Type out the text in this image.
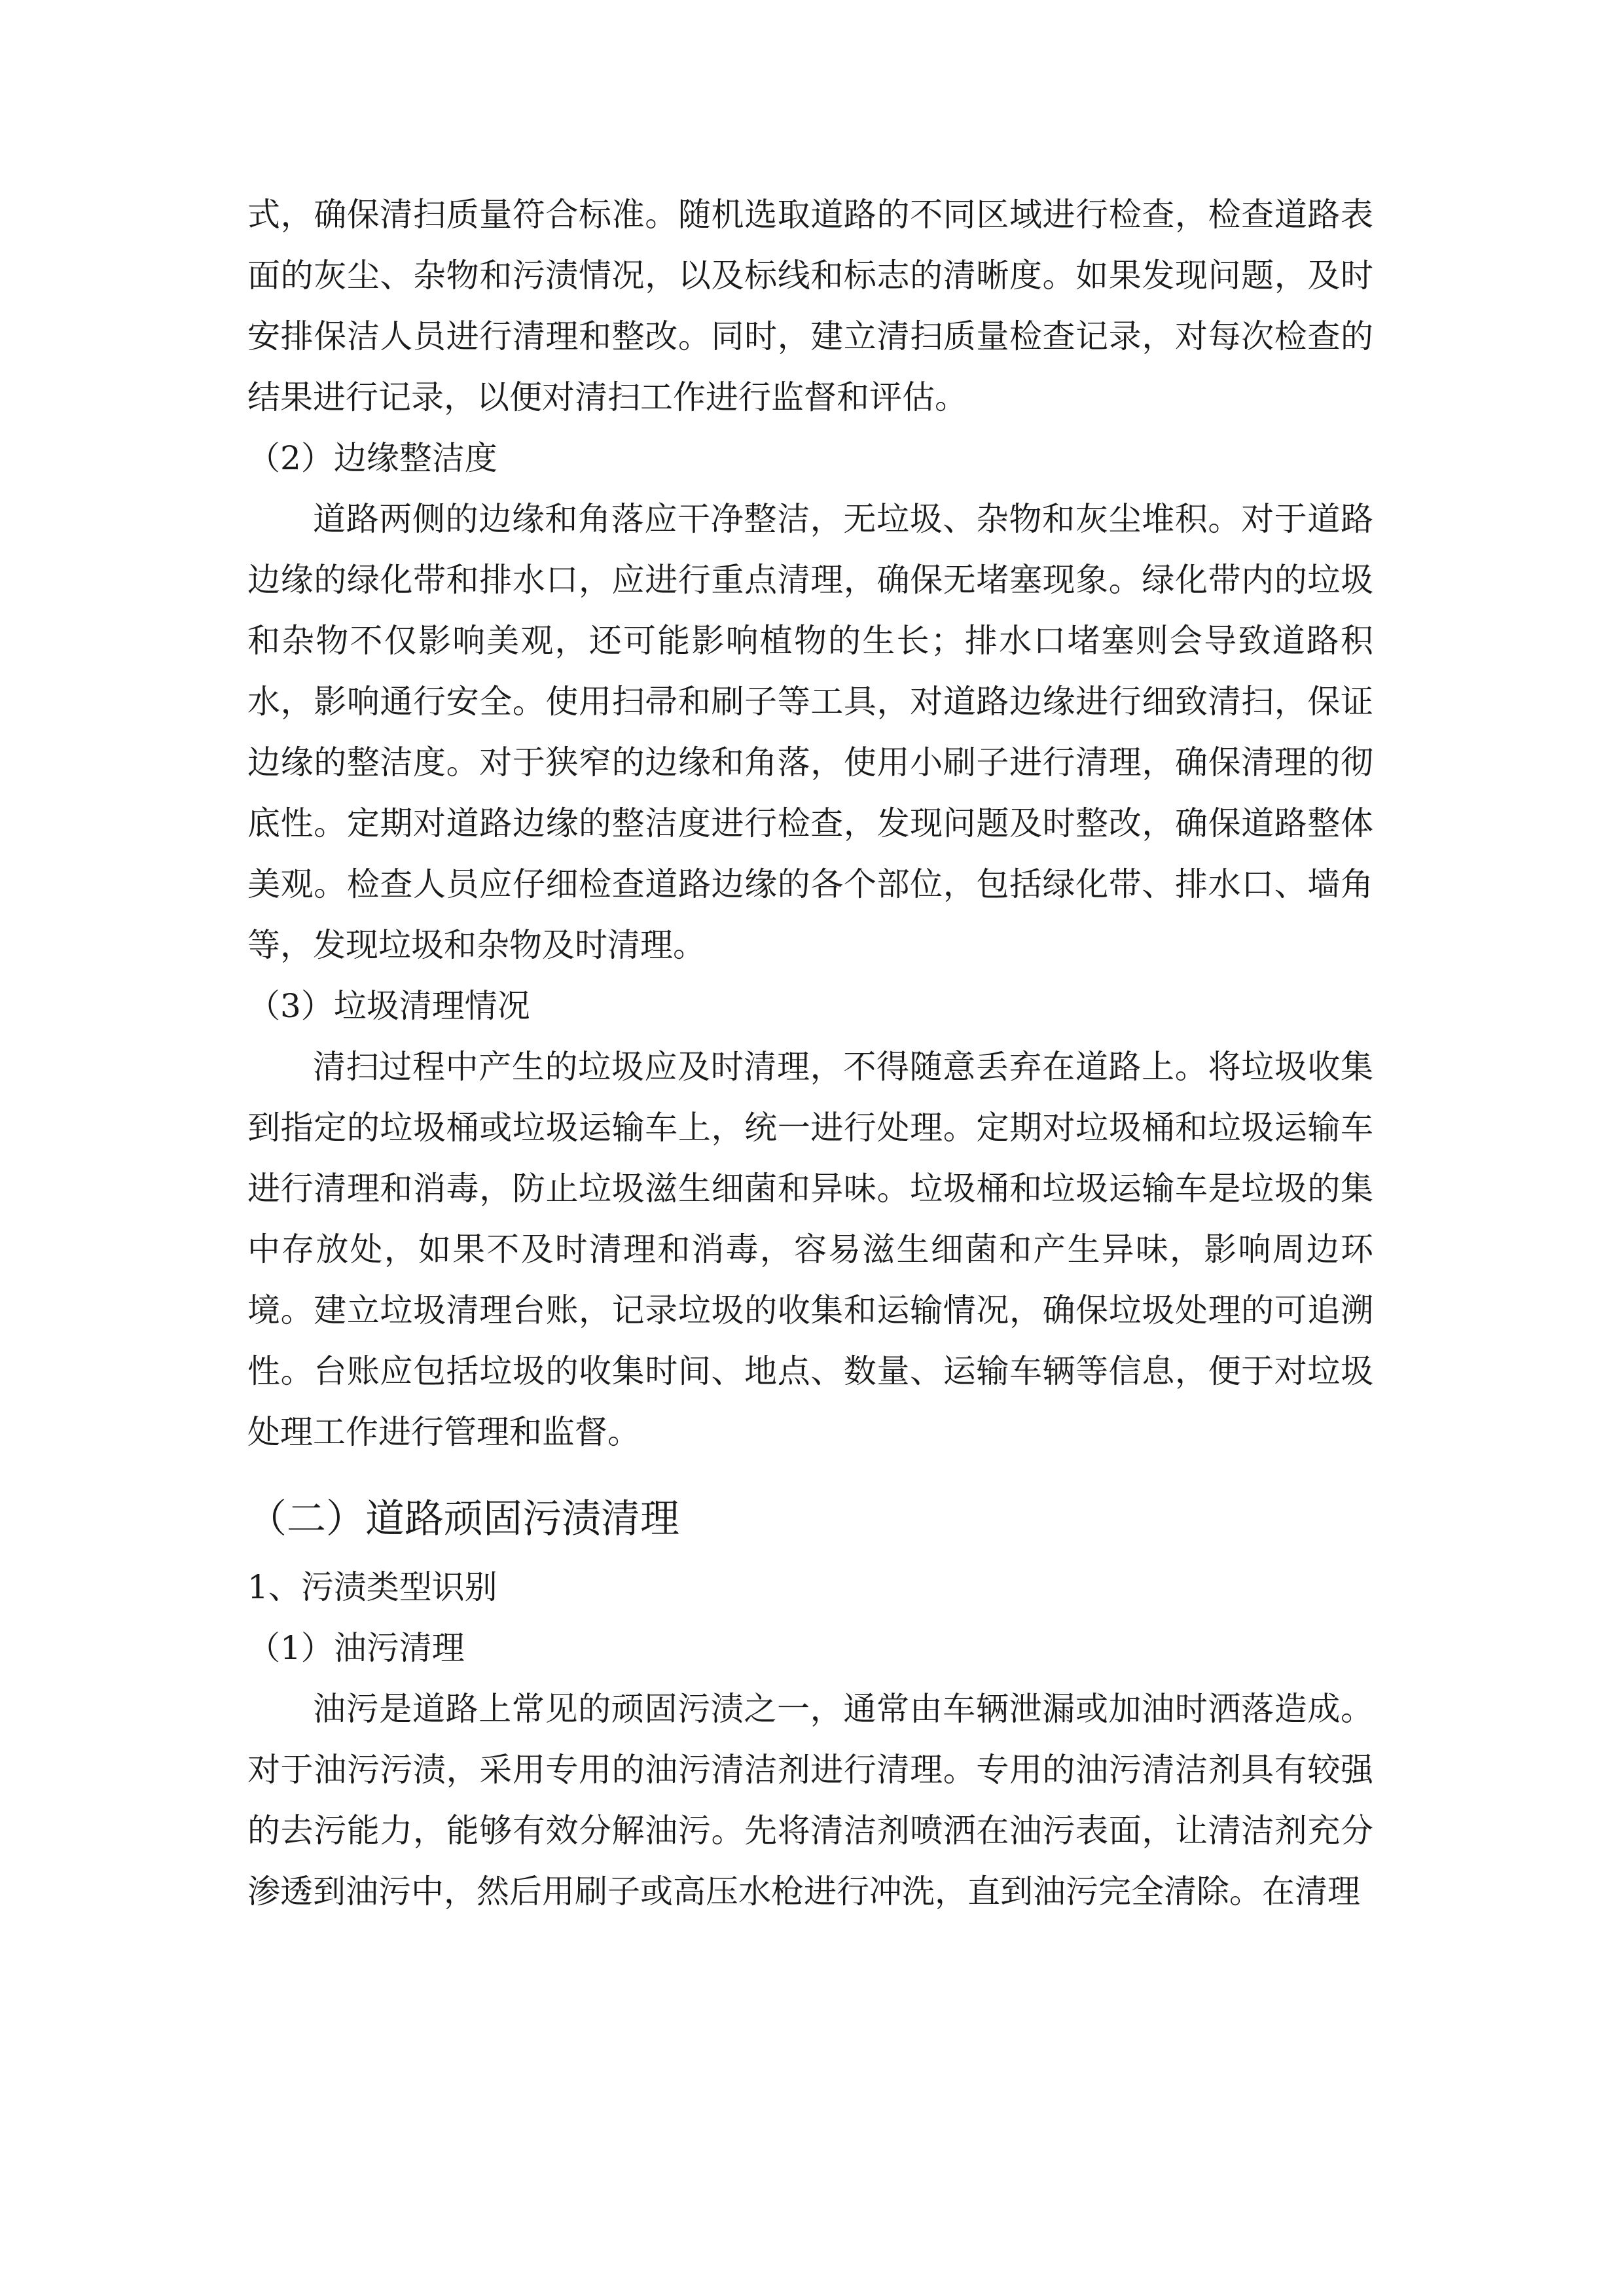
式，确保清扫质量符合标准。随机选取道路的不同区域进行检查，检查道路表面的灰尘、杂物和污渍情况，以及标线和标志的清晰度。如果发现问题，及时安排保洁人员进行清理和整改。同时，建立清扫质量检查记录，对每次检查的结果进行记录，以便对清扫工作进行监督和评估。

（2）边缘整洁度

道路两侧的边缘和角落应干净整洁，无垃圾、杂物和灰尘堆积。对于道路边缘的绿化带和排水口，应进行重点清理，确保无堵塞现象。绿化带内的垃圾和杂物不仅影响美观，还可能影响植物的生长；排水口堵塞则会导致道路积水，影响通行安全。使用扫帚和刷子等工具，对道路边缘进行细致清扫，保证边缘的整洁度。对于狭窄的边缘和角落，使用小刷子进行清理，确保清理的彻底性。定期对道路边缘的整洁度进行检查，发现问题及时整改，确保道路整体美观。检查人员应仔细检查道路边缘的各个部位，包括绿化带、排水口、墙角等，发现垃圾和杂物及时清理。

（3）垃圾清理情况

清扫过程中产生的垃圾应及时清理，不得随意丢弃在道路上。将垃圾收集到指定的垃圾桶或垃圾运输车上，统一进行处理。定期对垃圾桶和垃圾运输车进行清理和消毒，防止垃圾滋生细菌和异味。垃圾桶和垃圾运输车是垃圾的集中存放处，如果不及时清理和消毒，容易滋生细菌和产生异味，影响周边环境。建立垃圾清理台账，记录垃圾的收集和运输情况，确保垃圾处理的可追溯性。台账应包括垃圾的收集时间、地点、数量、运输车辆等信息，便于对垃圾处理工作进行管理和监督。

（二）道路顽固污渍清理

1、污渍类型识别

（1）油污清理

油污是道路上常见的顽固污渍之一，通常由车辆泄漏或加油时洒落造成。对于油污污渍，采用专用的油污清洁剂进行清理。专用的油污清洁剂具有较强的去污能力，能够有效分解油污。先将清洁剂喷洒在油污表面，让清洁剂充分渗透到油污中，然后用刷子或高压水枪进行冲洗，直到油污完全清除。在清理
